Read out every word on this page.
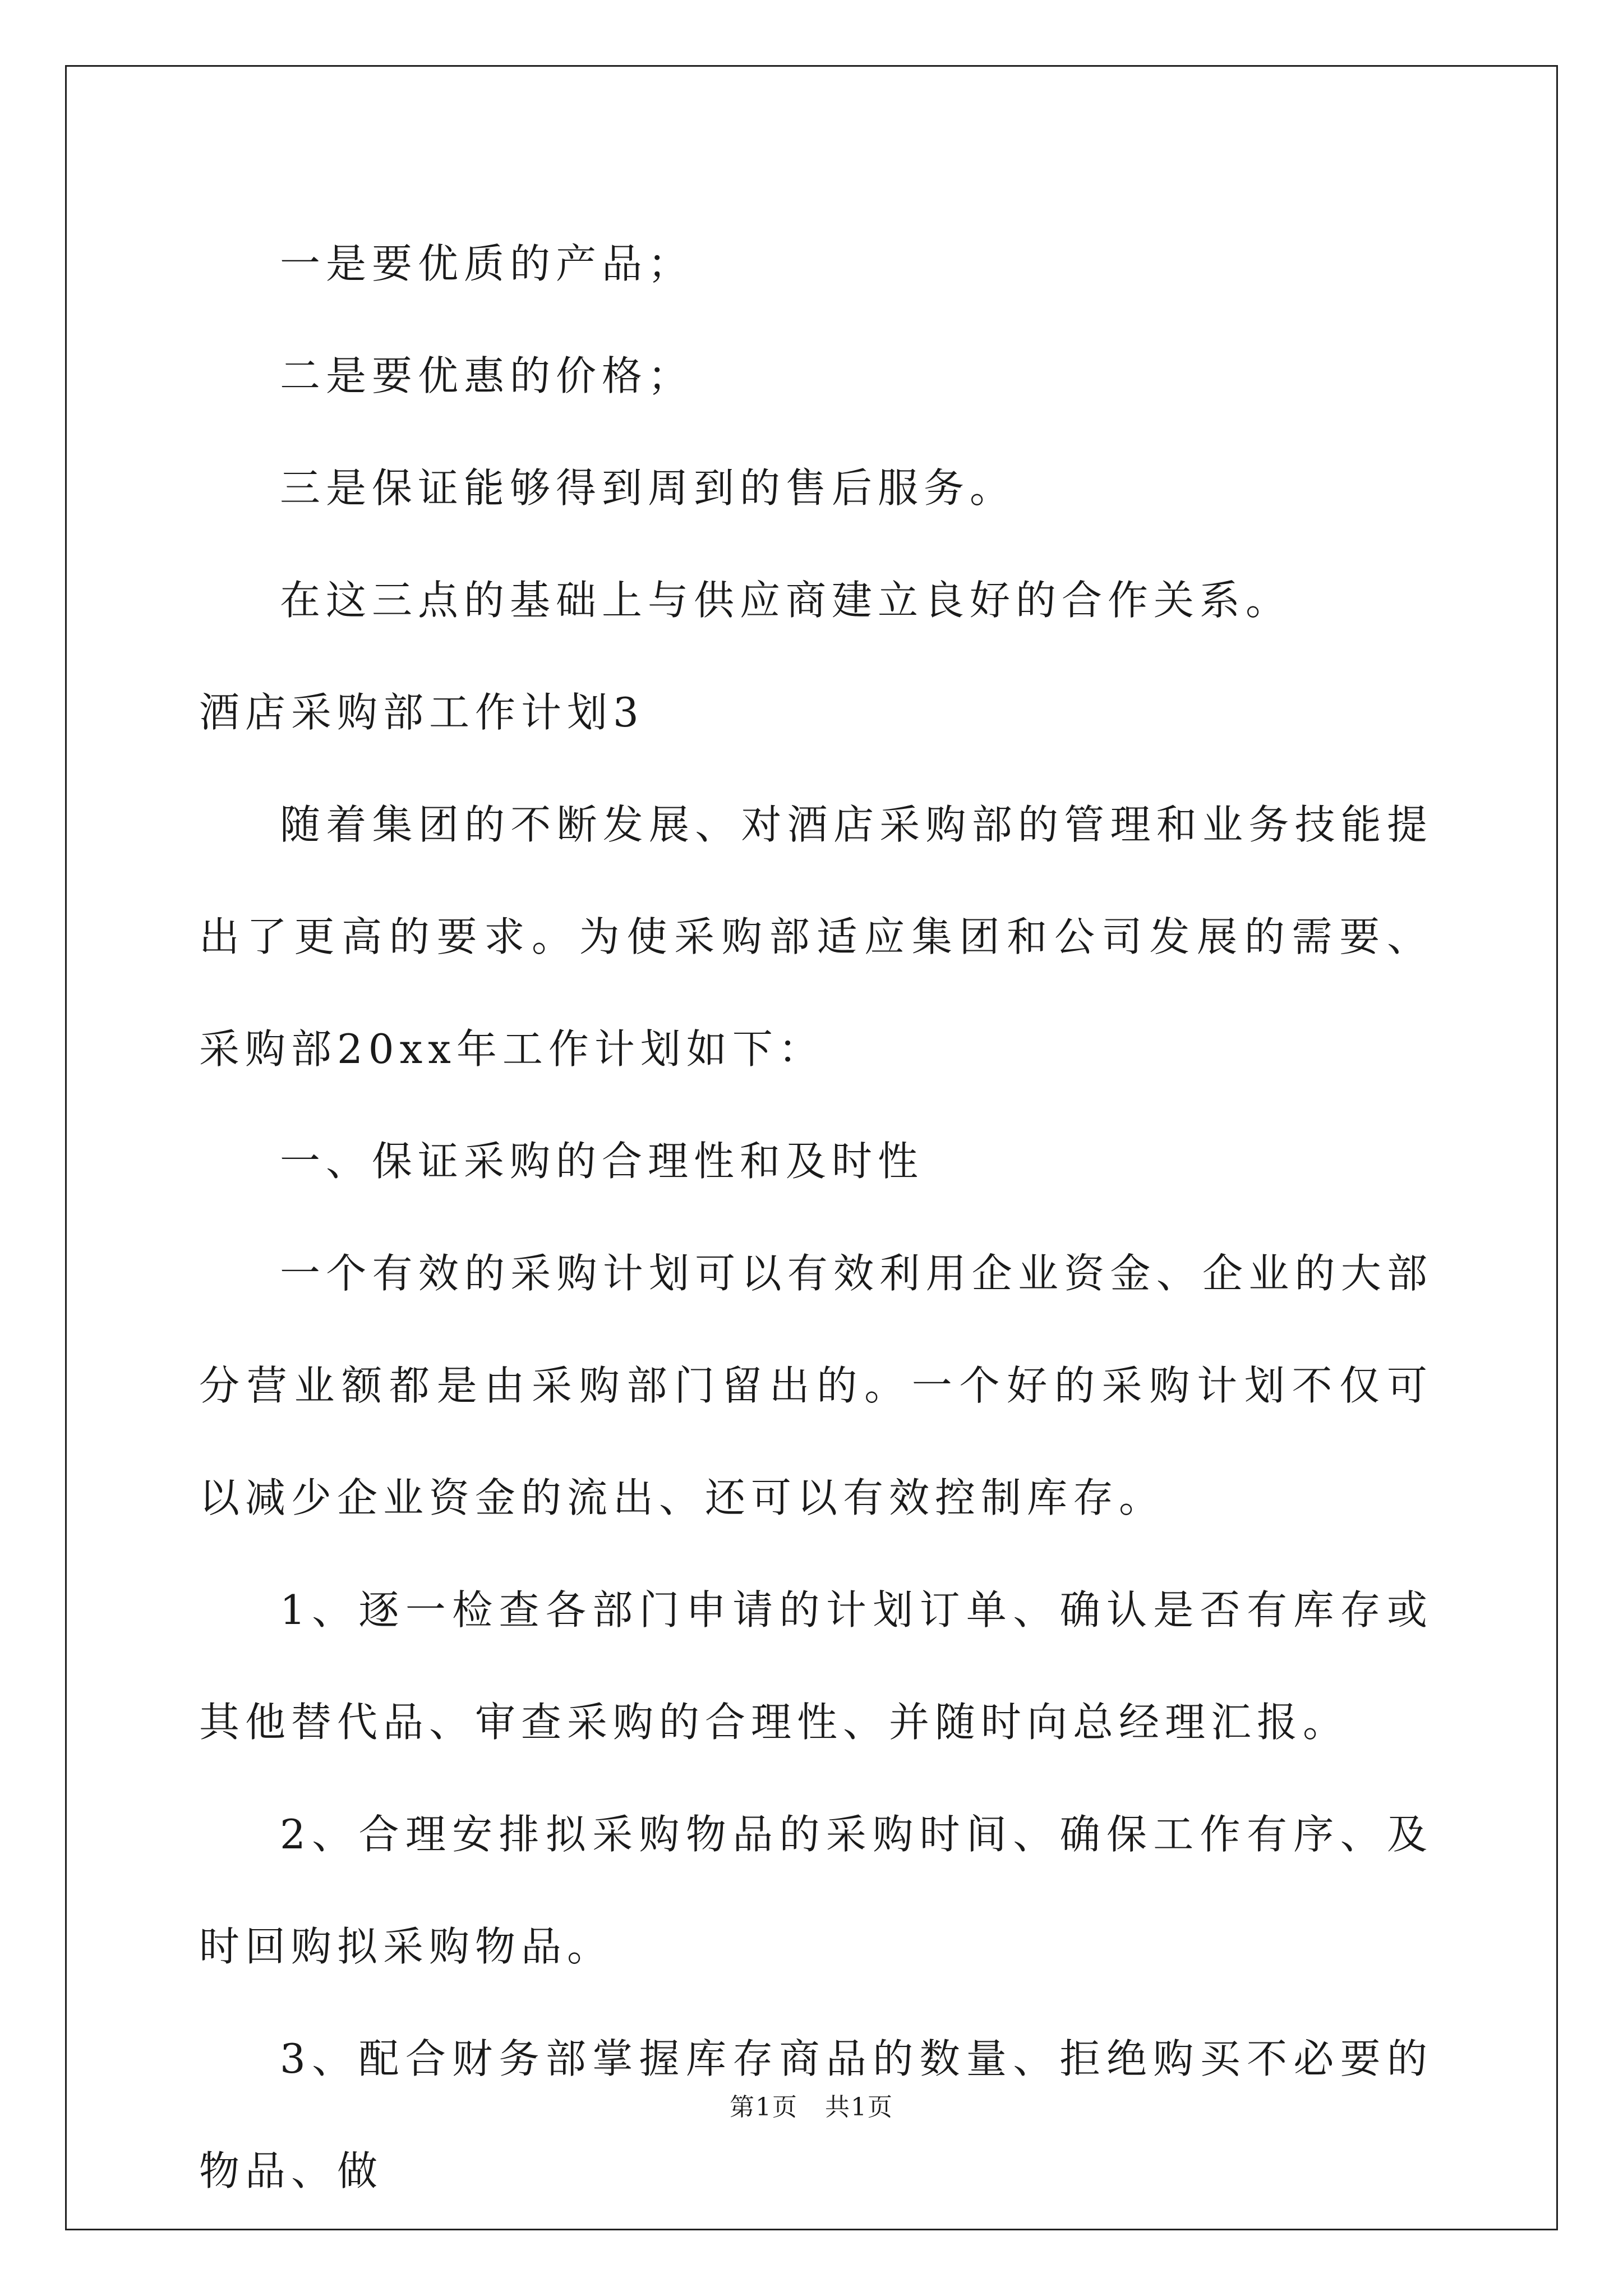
一是要优质的产品；

二是要优惠的价格；

三是保证能够得到周到的售后服务。

在这三点的基础上与供应商建立良好的合作关系。

酒店采购部工作计划3

随着集团的不断发展、对酒店采购部的管理和业务技能提出了更高的要求。为使采购部适应集团和公司发展的需要、采购部20xx年工作计划如下：

一、保证采购的合理性和及时性

一个有效的采购计划可以有效利用企业资金、企业的大部分营业额都是由采购部门留出的。一个好的采购计划不仅可以减少企业资金的流出、还可以有效控制库存。

1、逐一检查各部门申请的计划订单、确认是否有库存或其他替代品、审查采购的合理性、并随时向总经理汇报。

2、合理安排拟采购物品的采购时间、确保工作有序、及时回购拟采购物品。

3、配合财务部掌握库存商品的数量、拒绝购买不必要的物品、做

第1页   共1页
